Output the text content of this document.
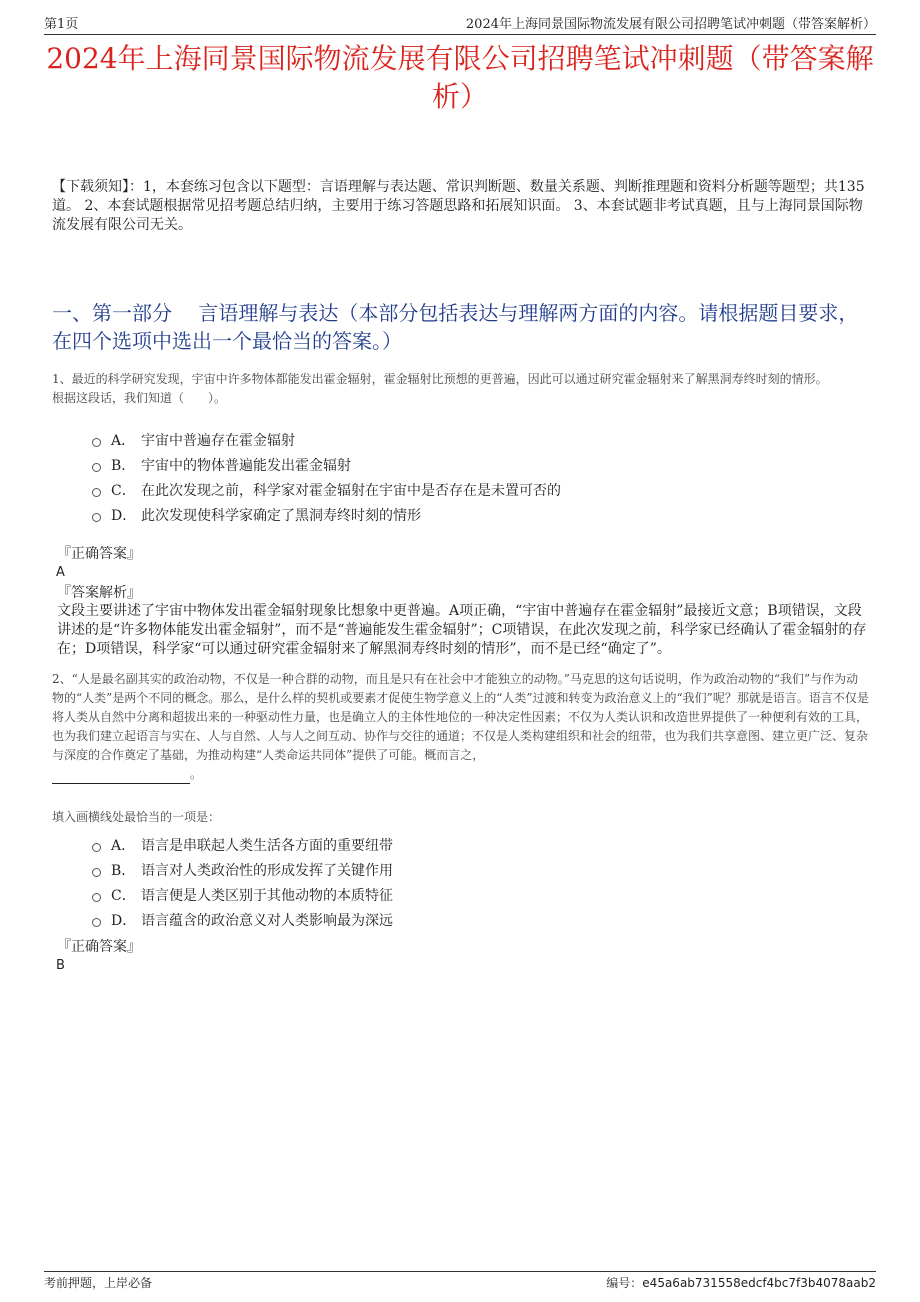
第1页	2024年上海同景国际物流发展有限公司招聘笔试冲刺题（带答案解析）
2024年上海同景国际物流发展有限公司招聘笔试冲刺题（带答案解析）
【下载须知】：1，本套练习包含以下题型：言语理解与表达题、常识判断题、数量关系题、判断推理题和资料分析题等题型；共135道。 2、本套试题根据常见招考题总结归纳，主要用于练习答题思路和拓展知识面。 3、本套试题非考试真题，且与上海同景国际物流发展有限公司无关。
一、第一部分　 言语理解与表达（本部分包括表达与理解两方面的内容。请根据题目要求，在四个选项中选出一个最恰当的答案。）
1、最近的科学研究发现，宇宙中许多物体都能发出霍金辐射，霍金辐射比预想的更普遍，因此可以通过研究霍金辐射来了解黑洞寿终时刻的情形。
根据这段话，我们知道（　　）。
A． 宇宙中普遍存在霍金辐射
B． 宇宙中的物体普遍能发出霍金辐射
C． 在此次发现之前，科学家对霍金辐射在宇宙中是否存在是未置可否的
D． 此次发现使科学家确定了黑洞寿终时刻的情形
『正确答案』
A
『答案解析』
文段主要讲述了宇宙中物体发出霍金辐射现象比想象中更普遍。A项正确，“宇宙中普遍存在霍金辐射”最接近文意；B项错误，文段讲述的是“许多物体能发出霍金辐射”，而不是“普遍能发生霍金辐射”；C项错误，在此次发现之前，科学家已经确认了霍金辐射的存在；D项错误，科学家“可以通过研究霍金辐射来了解黑洞寿终时刻的情形”，而不是已经“确定了”。
2、“人是最名副其实的政治动物，不仅是一种合群的动物，而且是只有在社会中才能独立的动物。”马克思的这句话说明，作为政治动物的“我们”与作为动物的“人类”是两个不同的概念。那么，是什么样的契机或要素才促使生物学意义上的“人类”过渡和转变为政治意义上的“我们”呢？那就是语言。语言不仅是将人类从自然中分离和超拔出来的一种驱动性力量，也是确立人的主体性地位的一种决定性因素；不仅为人类认识和改造世界提供了一种便利有效的工具，也为我们建立起语言与实在、人与自然、人与人之间互动、协作与交往的通道；不仅是人类构建组织和社会的纽带，也为我们共享意图、建立更广泛、复杂与深度的合作奠定了基础，为推动构建“人类命运共同体”提供了可能。概而言之，
。
填入画横线处最恰当的一项是：
A． 语言是串联起人类生活各方面的重要纽带
B． 语言对人类政治性的形成发挥了关键作用
C． 语言便是人类区别于其他动物的本质特征
D． 语言蕴含的政治意义对人类影响最为深远
『正确答案』
B
考前押题，上岸必备	编号：e45a6ab731558edcf4bc7f3b4078aab2
